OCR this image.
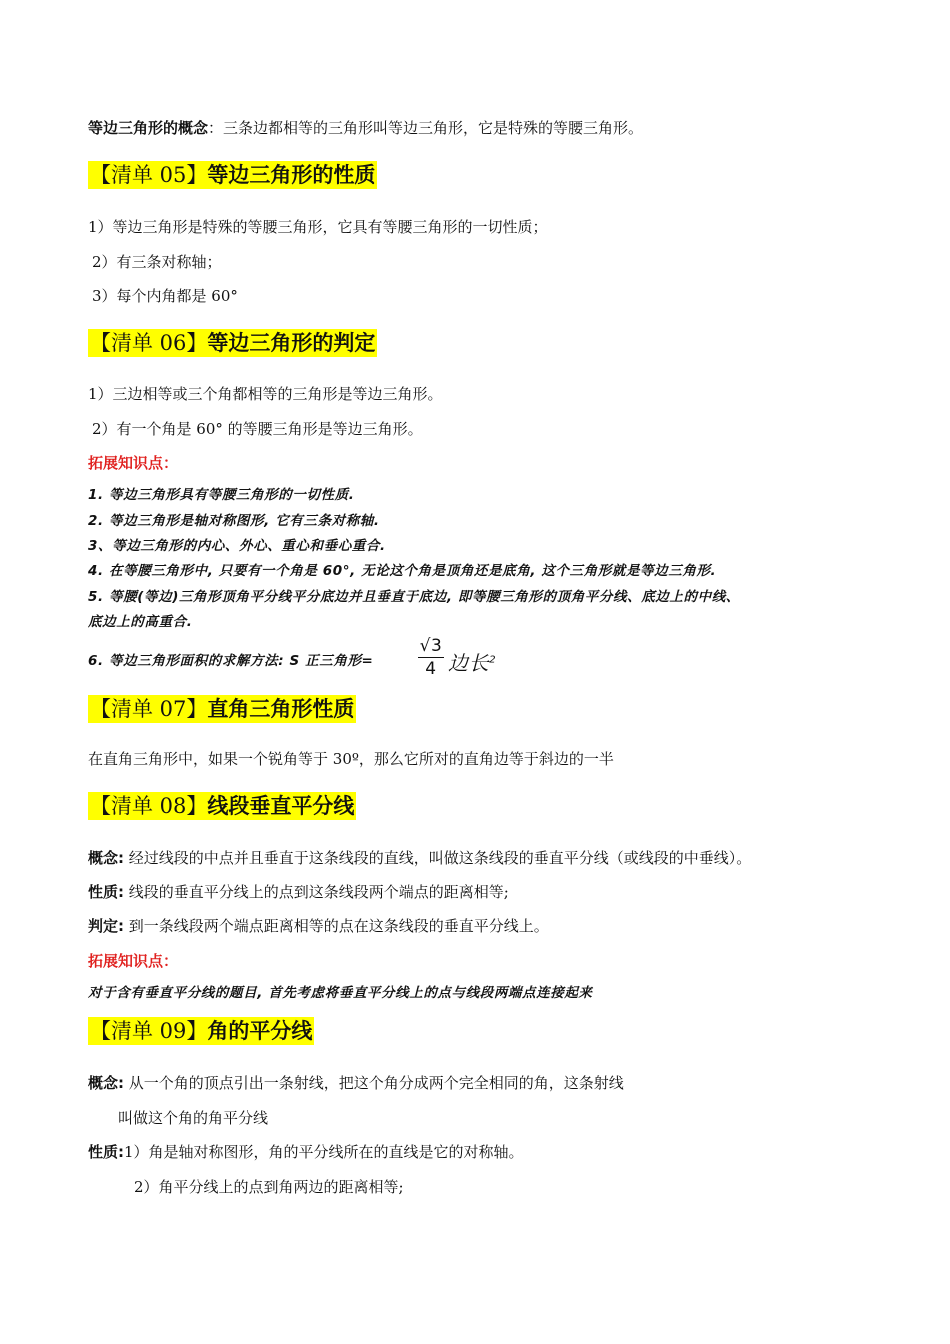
等边三角形的概念：三条边都相等的三角形叫等边三角形，它是特殊的等腰三角形。
【清单 05】等边三角形的性质
1）等边三角形是特殊的等腰三角形，它具有等腰三角形的一切性质；
2）有三条对称轴；
3）每个内角都是 60°
【清单 06】等边三角形的判定
1）三边相等或三个角都相等的三角形是等边三角形。
2）有一个角是 60° 的等腰三角形是等边三角形。
拓展知识点：
1. 等边三角形具有等腰三角形的一切性质.
2. 等边三角形是轴对称图形, 它有三条对称轴.
3、等边三角形的内心、外心、重心和垂心重合.
4. 在等腰三角形中, 只要有一个角是 60°, 无论这个角是顶角还是底角, 这个三角形就是等边三角形.
5. 等腰(等边)三角形顶角平分线平分底边并且垂直于底边, 即等腰三角形的顶角平分线、底边上的中线、
底边上的高重合.
6. 等边三角形面积的求解方法: S 正三角形=
√3
4 边长$^2$
【清单 07】直角三角形性质
在直角三角形中，如果一个锐角等于 30º，那么它所对的直角边等于斜边的一半
【清单 08】线段垂直平分线
概念: 经过线段的中点并且垂直于这条线段的直线，叫做这条线段的垂直平分线（或线段的中垂线）。
性质: 线段的垂直平分线上的点到这条线段两个端点的距离相等;
判定: 到一条线段两个端点距离相等的点在这条线段的垂直平分线上。
拓展知识点：
对于含有垂直平分线的题目, 首先考虑将垂直平分线上的点与线段两端点连接起来
【清单 09】角的平分线
概念: 从一个角的顶点引出一条射线，把这个角分成两个完全相同的角，这条射线
叫做这个角的角平分线
性质:1）角是轴对称图形，角的平分线所在的直线是它的对称轴。
2）角平分线上的点到角两边的距离相等;
